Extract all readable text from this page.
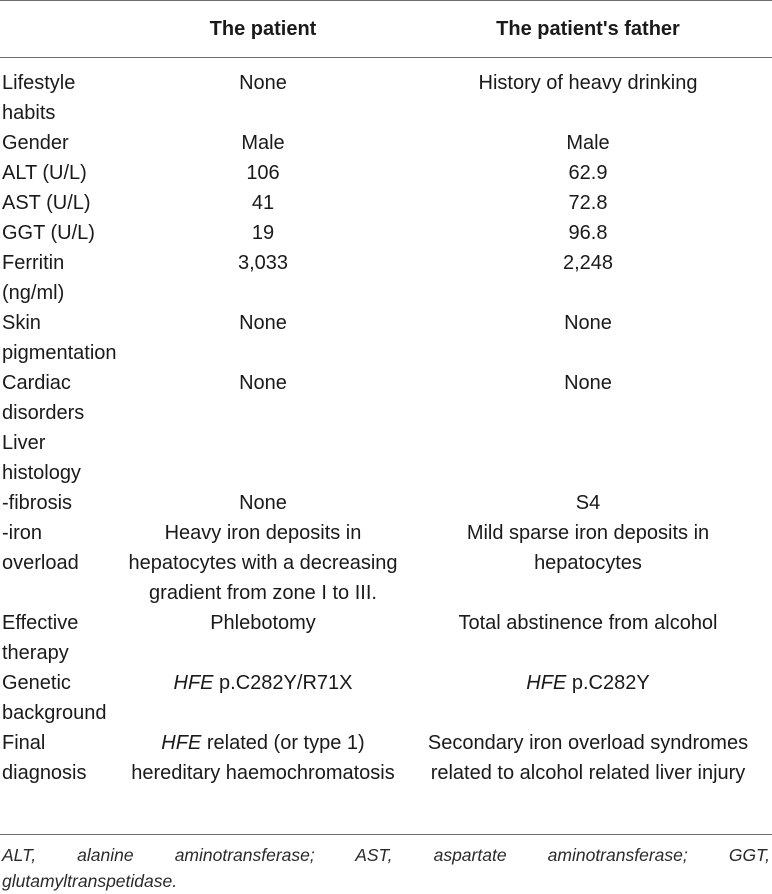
	The patient	The patient's father
Lifestyle habits	None	History of heavy drinking
Gender	Male	Male
ALT (U/L)	106	62.9
AST (U/L)	41	72.8
GGT (U/L)	19	96.8
Ferritin (ng/ml)	3,033	2,248
Skin pigmentation	None	None
Cardiac disorders	None	None
Liver histology		
-fibrosis	None	S4
-iron overload	Heavy iron deposits in hepatocytes with a decreasing gradient from zone I to III.	Mild sparse iron deposits in hepatocytes
Effective therapy	Phlebotomy	Total abstinence from alcohol
Genetic background	HFE p.C282Y/R71X	HFE p.C282Y
Final diagnosis	HFE related (or type 1) hereditary haemochromatosis	Secondary iron overload syndromes related to alcohol related liver injury
ALT, alanine aminotransferase; AST, aspartate aminotransferase; GGT,
glutamyltranspetidase.
